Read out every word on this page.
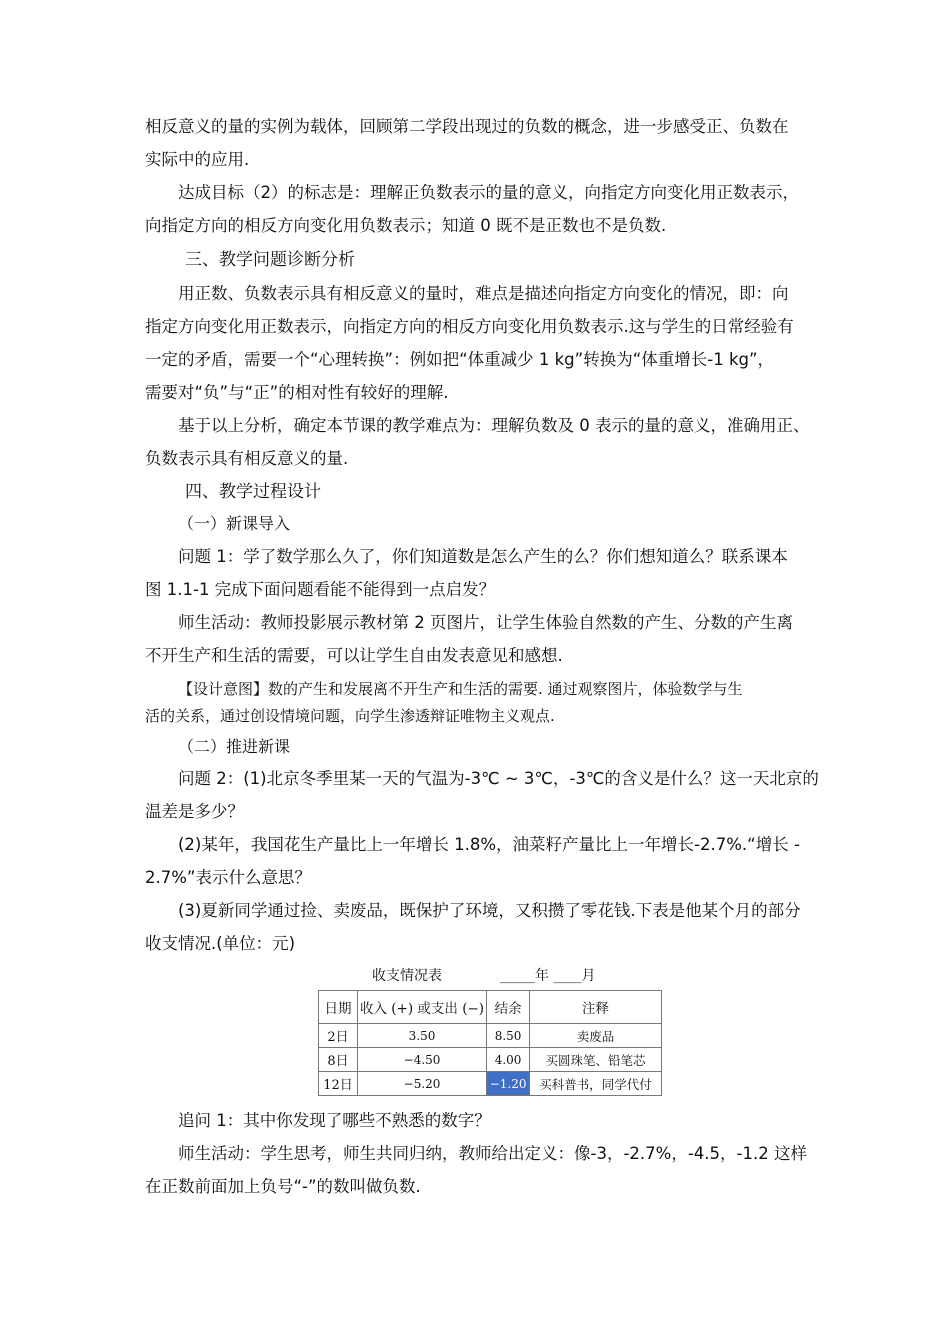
相反意义的量的实例为载体，回顾第二学段出现过的负数的概念，进一步感受正、负数在
实际中的应用.
达成目标（2）的标志是：理解正负数表示的量的意义，向指定方向变化用正数表示，
向指定方向的相反方向变化用负数表示；知道 0 既不是正数也不是负数.
三、教学问题诊断分析
用正数、负数表示具有相反意义的量时，难点是描述向指定方向变化的情况，即：向
指定方向变化用正数表示，向指定方向的相反方向变化用负数表示.这与学生的日常经验有
一定的矛盾，需要一个“心理转换”：例如把“体重减少 1 kg”转换为“体重增长-1 kg”，
需要对“负”与“正”的相对性有较好的理解.
基于以上分析，确定本节课的教学难点为：理解负数及 0 表示的量的意义，准确用正、
负数表示具有相反意义的量.
四、教学过程设计
（一）新课导入
问题 1：学了数学那么久了，你们知道数是怎么产生的么？你们想知道么？联系课本
图 1.1-1 完成下面问题看能不能得到一点启发？
师生活动：教师投影展示教材第 2 页图片，让学生体验自然数的产生、分数的产生离
不开生产和生活的需要，可以让学生自由发表意见和感想.
【设计意图】数的产生和发展离不开生产和生活的需要. 通过观察图片，体验数学与生
活的关系，通过创设情境问题，向学生渗透辩证唯物主义观点.
（二）推进新课
问题 2：(1)北京冬季里某一天的气温为-3℃ ~ 3℃，-3℃的含义是什么？这一天北京的
温差是多少？
(2)某年，我国花生产量比上一年增长 1.8%，油菜籽产量比上一年增长-2.7%.“增长 -
2.7%”表示什么意思？
(3)夏新同学通过捡、卖废品，既保护了环境，又积攒了零花钱.下表是他某个月的部分
收支情况.(单位：元)
收支情况表	_____年 ____月
日期	收入 (+) 或支出 (−)	结余	注释
2日	3.50	8.50	卖废品
8日	−4.50	4.00	买圆珠笔、铅笔芯
12日	−5.20	−1.20	买科普书，同学代付
追问 1：其中你发现了哪些不熟悉的数字？
师生活动：学生思考，师生共同归纳，教师给出定义：像-3，-2.7%，-4.5，-1.2 这样
在正数前面加上负号“-”的数叫做负数.
